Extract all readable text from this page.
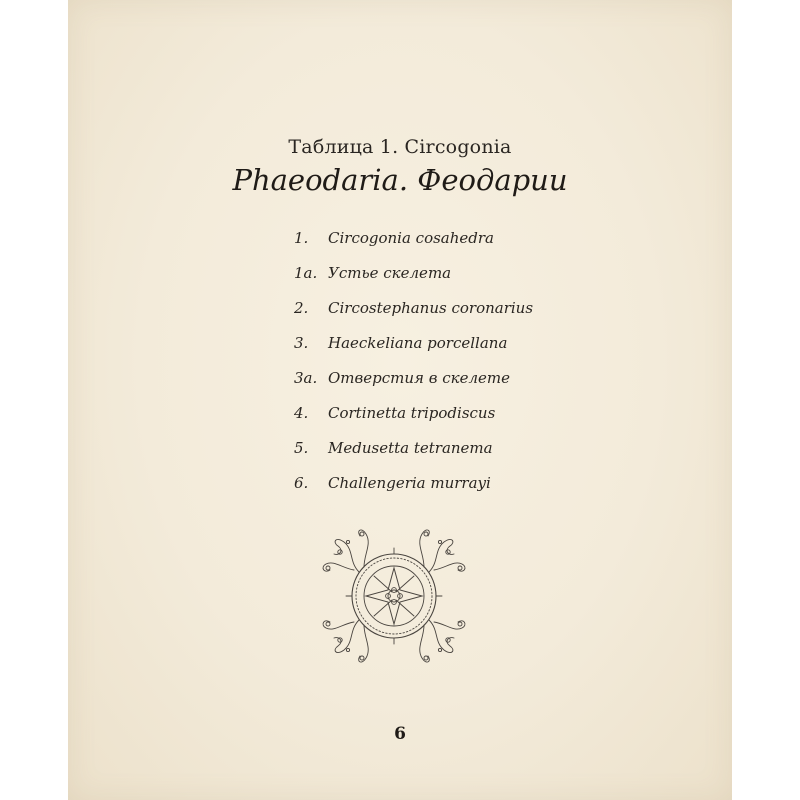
Таблица 1. Circogonia
Phaeodaria. Феодарии
1. Circogonia cosahedra
1а. Устье скелета
2. Circostephanus coronarius
3. Haeckeliana porcellana
3а. Отверстия в скелете
4. Cortinetta tripodiscus
5. Medusetta tetranema
6. Challengeria murrayi
6
